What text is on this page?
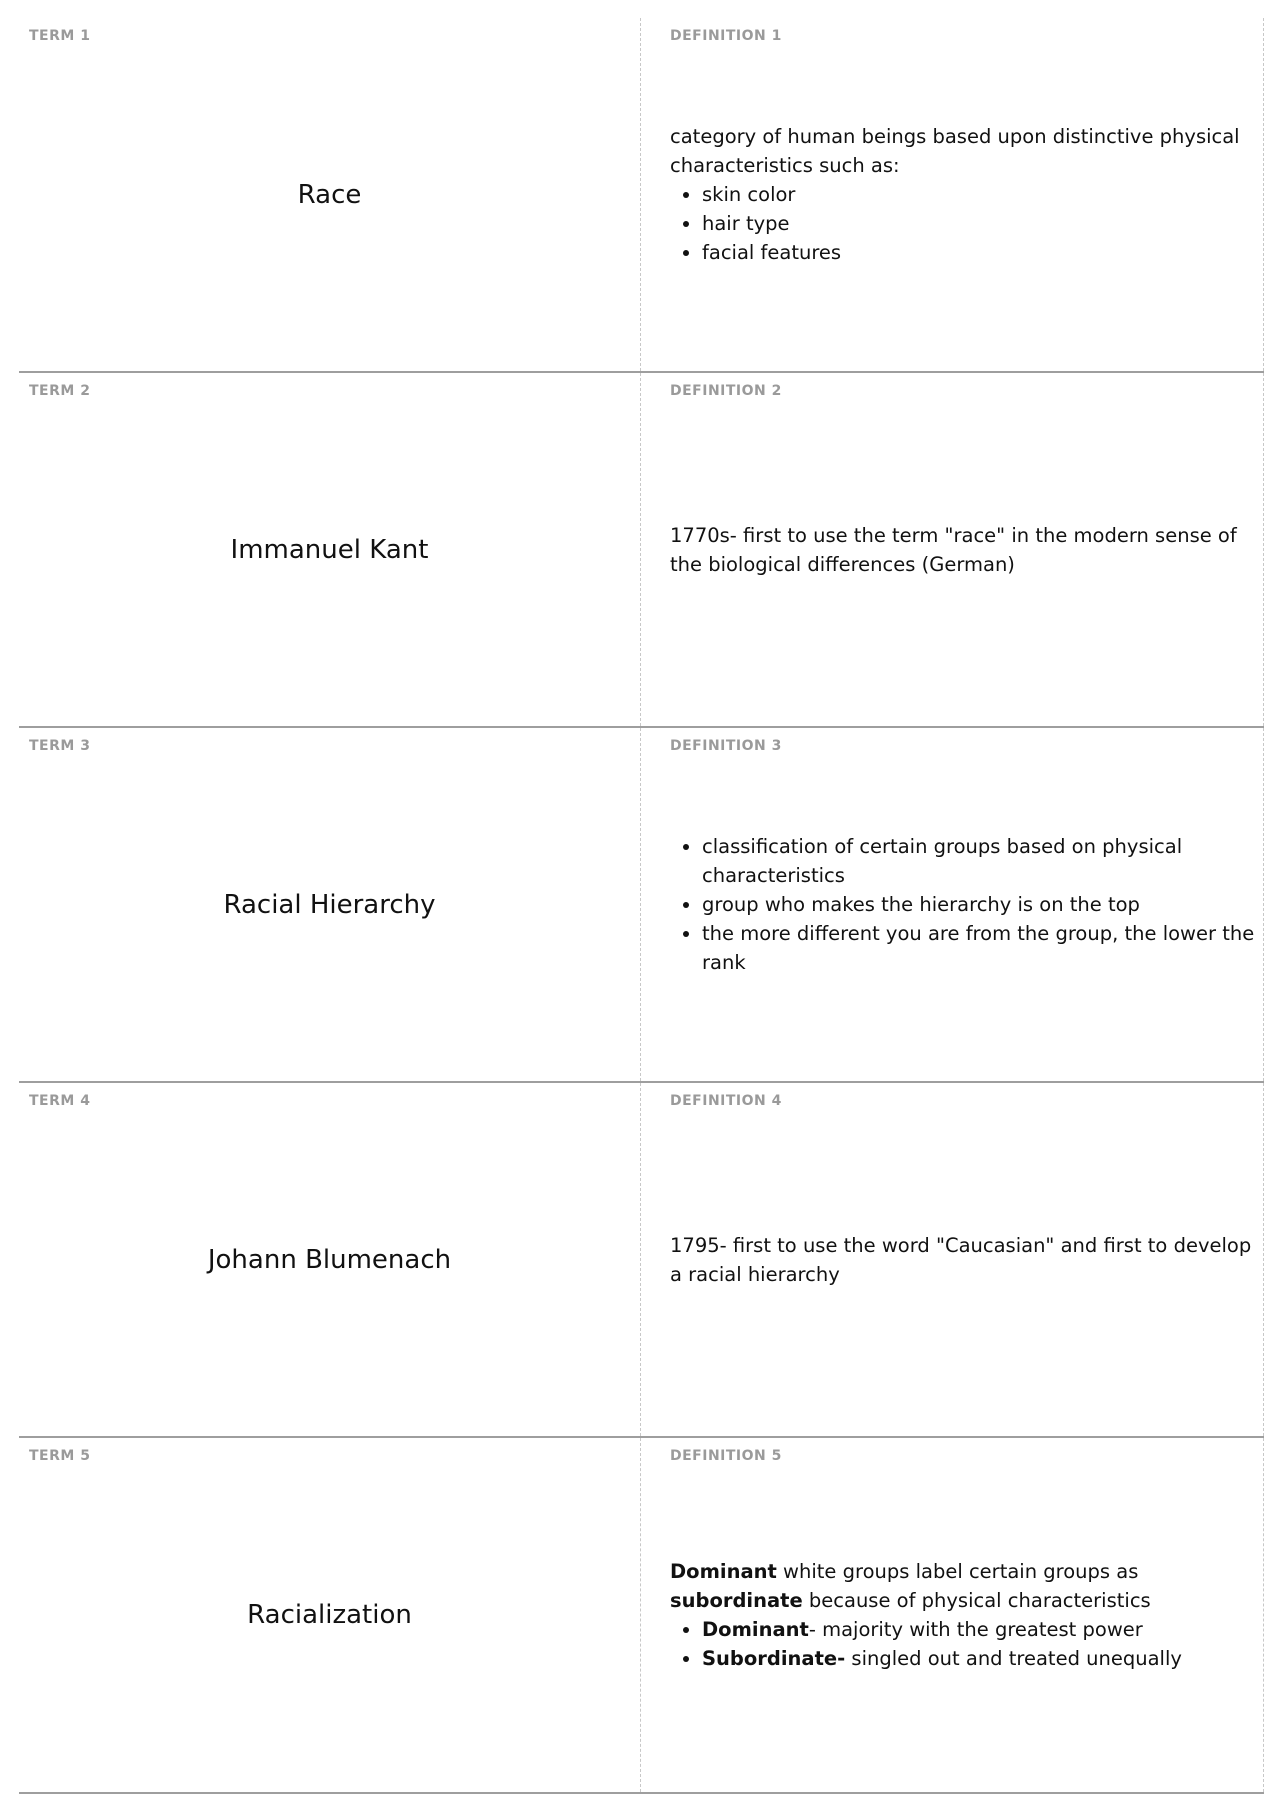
TERM 1
Race
DEFINITION 1

category of human beings based upon distinctive physical characteristics such as:

• skin color
• hair type
• facial features
TERM 2
Immanuel Kant
DEFINITION 2

1770s- first to use the term "race" in the modern sense of the biological differences (German)

TERM 3
Racial Hierarchy
DEFINITION 3
• classification of certain groups based on physical characteristics
• group who makes the hierarchy is on the top
• the more different you are from the group, the lower the rank
TERM 4
Johann Blumenach
DEFINITION 4

1795- first to use the word "Caucasian" and first to develop a racial hierarchy

TERM 5
Racialization
DEFINITION 5

Dominant white groups label certain groups as subordinate because of physical characteristics

• Dominant- majority with the greatest power
• Subordinate- singled out and treated unequally
